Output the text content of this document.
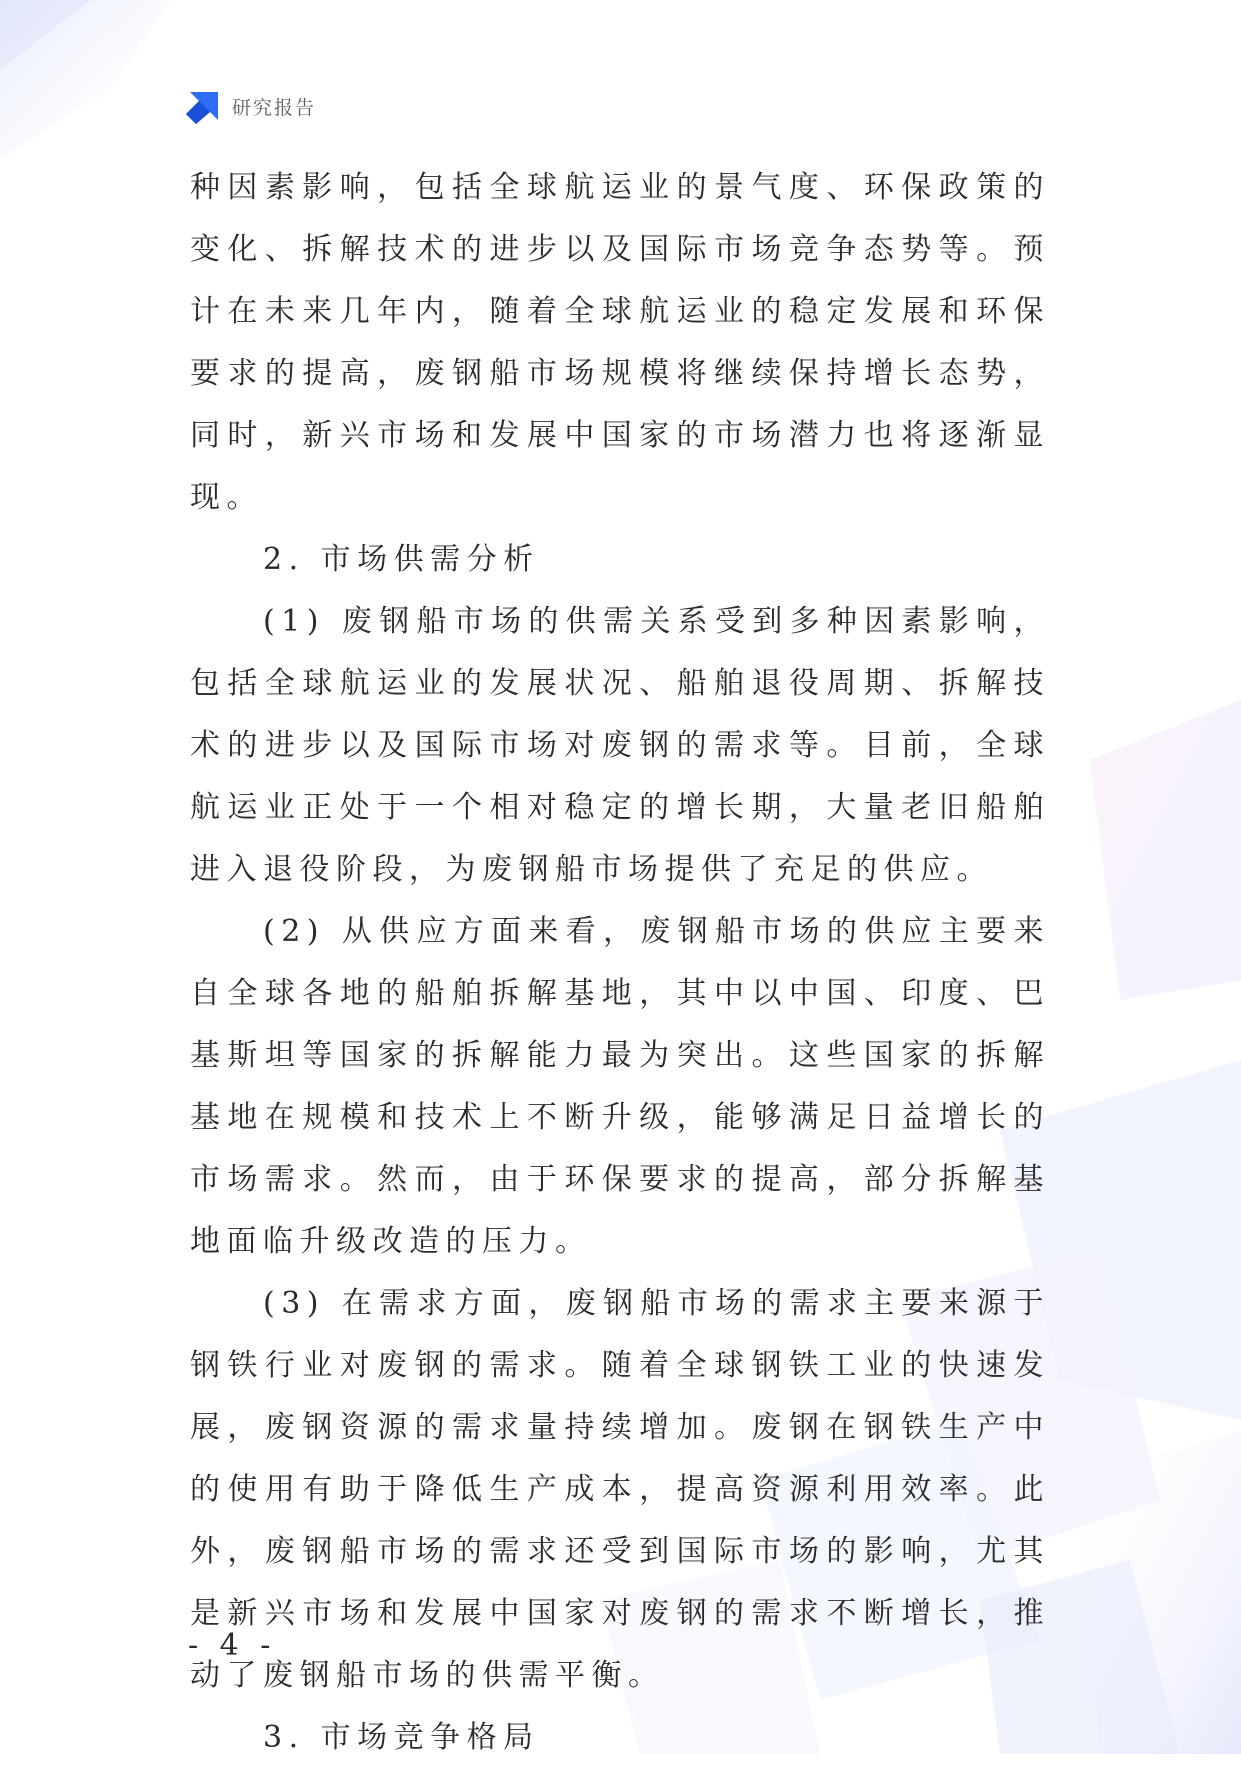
研究报告

种因素影响，包括全球航运业的景气度、环保政策的变化、拆解技术的进步以及国际市场竞争态势等。预计在未来几年内，随着全球航运业的稳定发展和环保要求的提高，废钢船市场规模将继续保持增长态势，同时，新兴市场和发展中国家的市场潜力也将逐渐显现。

2. 市场供需分析

(1) 废钢船市场的供需关系受到多种因素影响，包括全球航运业的发展状况、船舶退役周期、拆解技术的进步以及国际市场对废钢的需求等。目前，全球航运业正处于一个相对稳定的增长期，大量老旧船舶进入退役阶段，为废钢船市场提供了充足的供应。

(2) 从供应方面来看，废钢船市场的供应主要来自全球各地的船舶拆解基地，其中以中国、印度、巴基斯坦等国家的拆解能力最为突出。这些国家的拆解基地在规模和技术上不断升级，能够满足日益增长的市场需求。然而，由于环保要求的提高，部分拆解基地面临升级改造的压力。

(3) 在需求方面，废钢船市场的需求主要来源于钢铁行业对废钢的需求。随着全球钢铁工业的快速发展，废钢资源的需求量持续增加。废钢在钢铁生产中的使用有助于降低生产成本，提高资源利用效率。此外，废钢船市场的需求还受到国际市场的影响，尤其是新兴市场和发展中国家对废钢的需求不断增长，推动了废钢船市场的供需平衡。

3. 市场竞争格局

- 4 -
